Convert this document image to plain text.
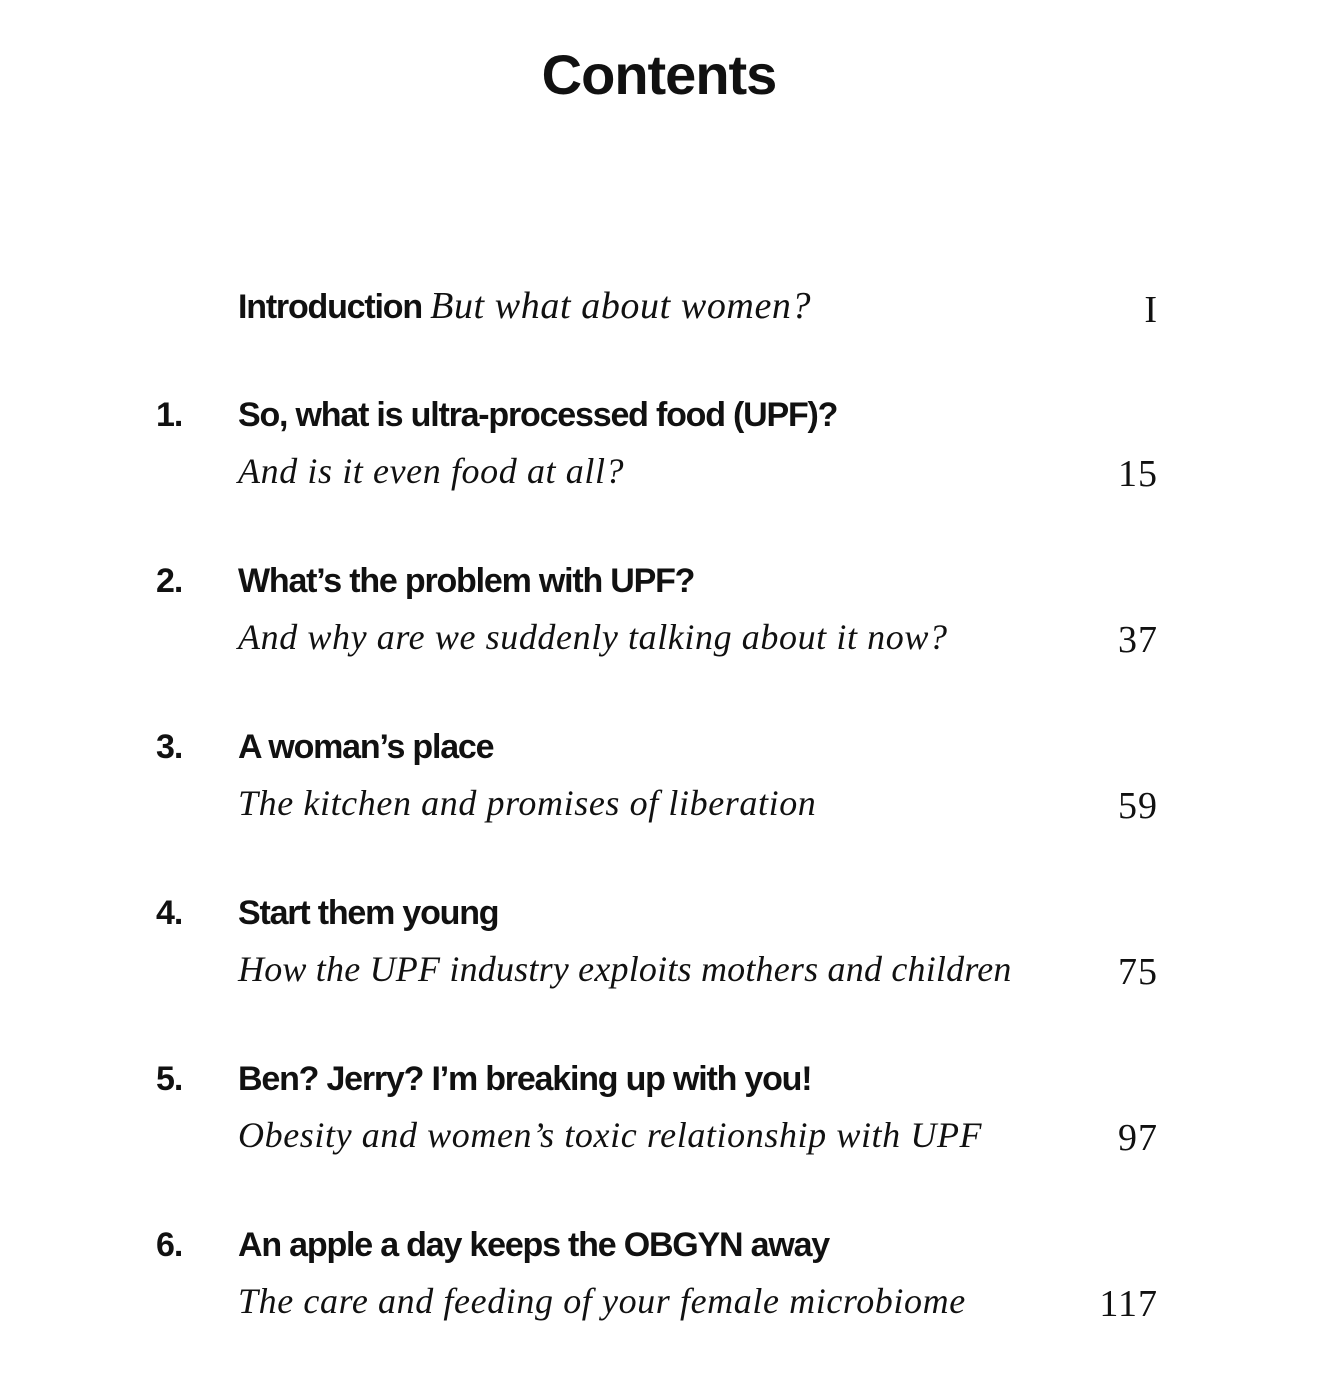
Contents
Introduction But what about women?	I
1. So, what is ultra-processed food (UPF)?
And is it even food at all?	15
2. What’s the problem with UPF?
And why are we suddenly talking about it now?	37
3. A woman’s place
The kitchen and promises of liberation	59
4. Start them young
How the UPF industry exploits mothers and children	75
5. Ben? Jerry? I’m breaking up with you!
Obesity and women’s toxic relationship with UPF	97
6. An apple a day keeps the OBGYN away
The care and feeding of your female microbiome	117
